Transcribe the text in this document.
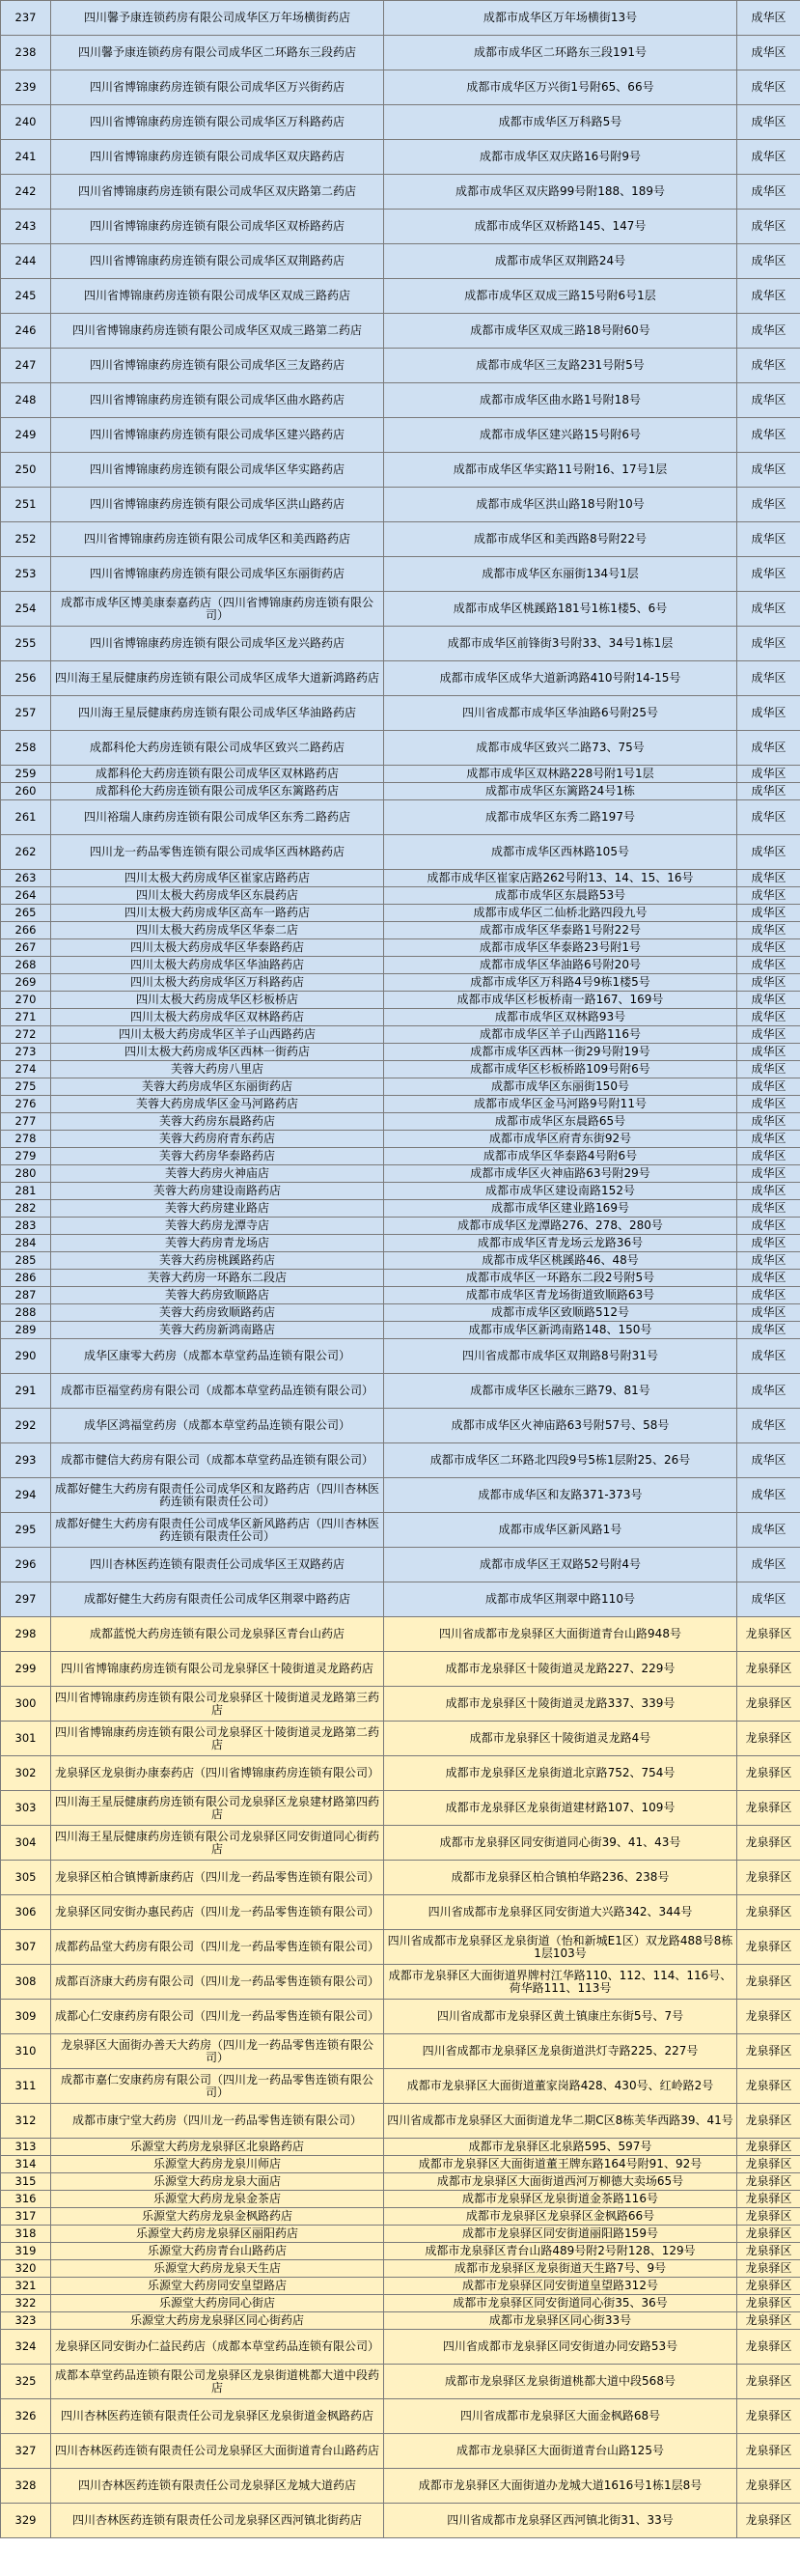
237	四川馨予康连锁药房有限公司成华区万年场横街药店	成都市成华区万年场横街13号	成华区
238	四川馨予康连锁药房有限公司成华区二环路东三段药店	成都市成华区二环路东三段191号	成华区
239	四川省博锦康药房连锁有限公司成华区万兴街药店	成都市成华区万兴街1号附65、66号	成华区
240	四川省博锦康药房连锁有限公司成华区万科路药店	成都市成华区万科路5号	成华区
241	四川省博锦康药房连锁有限公司成华区双庆路药店	成都市成华区双庆路16号附9号	成华区
242	四川省博锦康药房连锁有限公司成华区双庆路第二药店	成都市成华区双庆路99号附188、189号	成华区
243	四川省博锦康药房连锁有限公司成华区双桥路药店	成都市成华区双桥路145、147号	成华区
244	四川省博锦康药房连锁有限公司成华区双荆路药店	成都市成华区双荆路24号	成华区
245	四川省博锦康药房连锁有限公司成华区双成三路药店	成都市成华区双成三路15号附6号1层	成华区
246	四川省博锦康药房连锁有限公司成华区双成三路第二药店	成都市成华区双成三路18号附60号	成华区
247	四川省博锦康药房连锁有限公司成华区三友路药店	成都市成华区三友路231号附5号	成华区
248	四川省博锦康药房连锁有限公司成华区曲水路药店	成都市成华区曲水路1号附18号	成华区
249	四川省博锦康药房连锁有限公司成华区建兴路药店	成都市成华区建兴路15号附6号	成华区
250	四川省博锦康药房连锁有限公司成华区华实路药店	成都市成华区华实路11号附16、17号1层	成华区
251	四川省博锦康药房连锁有限公司成华区洪山路药店	成都市成华区洪山路18号附10号	成华区
252	四川省博锦康药房连锁有限公司成华区和美西路药店	成都市成华区和美西路8号附22号	成华区
253	四川省博锦康药房连锁有限公司成华区东丽街药店	成都市成华区东丽街134号1层	成华区
254	成都市成华区博美康泰嘉药店（四川省博锦康药房连锁有限公司）	成都市成华区桃蹊路181号1栋1楼5、6号	成华区
255	四川省博锦康药房连锁有限公司成华区龙兴路药店	成都市成华区前锋街3号附33、34号1栋1层	成华区
256	四川海王星辰健康药房连锁有限公司成华区成华大道新鸿路药店	成都市成华区成华大道新鸿路410号附14-15号	成华区
257	四川海王星辰健康药房连锁有限公司成华区华油路药店	四川省成都市成华区华油路6号附25号	成华区
258	成都科伦大药房连锁有限公司成华区致兴二路药店	成都市成华区致兴二路73、75号	成华区
259	成都科伦大药房连锁有限公司成华区双林路药店	成都市成华区双林路228号附1号1层	成华区
260	成都科伦大药房连锁有限公司成华区东篱路药店	成都市成华区东篱路24号1栋	成华区
261	四川裕瑞人康药房连锁有限公司成华区东秀二路药店	成都市成华区东秀二路197号	成华区
262	四川龙一药品零售连锁有限公司成华区西林路药店	成都市成华区西林路105号	成华区
263	四川太极大药房成华区崔家店路药店	成都市成华区崔家店路262号附13、14、15、16号	成华区
264	四川太极大药房成华区东晨药店	成都市成华区东晨路53号	成华区
265	四川太极大药房成华区高车一路药店	成都市成华区二仙桥北路四段九号	成华区
266	四川太极大药房成华区华泰二店	成都市成华区华泰路1号附22号	成华区
267	四川太极大药房成华区华泰路药店	成都市成华区华泰路23号附1号	成华区
268	四川太极大药房成华区华油路药店	成都市成华区华油路6号附20号	成华区
269	四川太极大药房成华区万科路药店	成都市成华区万科路4号9栋1楼5号	成华区
270	四川太极大药房成华区杉板桥店	成都市成华区杉板桥南一路167、169号	成华区
271	四川太极大药房成华区双林路药店	成都市成华区双林路93号	成华区
272	四川太极大药房成华区羊子山西路药店	成都市成华区羊子山西路116号	成华区
273	四川太极大药房成华区西林一街药店	成都市成华区西林一街29号附19号	成华区
274	芙蓉大药房八里店	成都市成华区杉板桥路109号附6号	成华区
275	芙蓉大药房成华区东丽街药店	成都市成华区东丽街150号	成华区
276	芙蓉大药房成华区金马河路药店	成都市成华区金马河路9号附11号	成华区
277	芙蓉大药房东晨路药店	成都市成华区东晨路65号	成华区
278	芙蓉大药房府青东药店	成都市成华区府青东街92号	成华区
279	芙蓉大药房华泰路药店	成都市成华区华泰路4号附6号	成华区
280	芙蓉大药房火神庙店	成都市成华区火神庙路63号附29号	成华区
281	芙蓉大药房建设南路药店	成都市成华区建设南路152号	成华区
282	芙蓉大药房建业路店	成都市成华区建业路169号	成华区
283	芙蓉大药房龙潭寺店	成都市成华区龙潭路276、278、280号	成华区
284	芙蓉大药房青龙场店	成都市成华区青龙场云龙路36号	成华区
285	芙蓉大药房桃蹊路药店	成都市成华区桃蹊路46、48号	成华区
286	芙蓉大药房一环路东二段店	成都市成华区一环路东二段2号附5号	成华区
287	芙蓉大药房致顺路店	成都市成华区青龙场街道致顺路63号	成华区
288	芙蓉大药房致顺路药店	成都市成华区致顺路512号	成华区
289	芙蓉大药房新鸿南路店	成都市成华区新鸿南路148、150号	成华区
290	成华区康零大药房（成都本草堂药品连锁有限公司）	四川省成都市成华区双荆路8号附31号	成华区
291	成都市臣福堂药房有限公司（成都本草堂药品连锁有限公司）	成都市成华区长融东三路79、81号	成华区
292	成华区鸿福堂药房（成都本草堂药品连锁有限公司）	成都市成华区火神庙路63号附57号、58号	成华区
293	成都市健信大药房有限公司（成都本草堂药品连锁有限公司）	成都市成华区二环路北四段9号5栋1层附25、26号	成华区
294	成都好健生大药房有限责任公司成华区和友路药店（四川杏林医药连锁有限责任公司）	成都市成华区和友路371-373号	成华区
295	成都好健生大药房有限责任公司成华区新风路药店（四川杏林医药连锁有限责任公司）	成都市成华区新风路1号	成华区
296	四川杏林医药连锁有限责任公司成华区王双路药店	成都市成华区王双路52号附4号	成华区
297	成都好健生大药房有限责任公司成华区荆翠中路药店	成都市成华区荆翠中路110号	成华区
298	成都蓝悦大药房连锁有限公司龙泉驿区青台山药店	四川省成都市龙泉驿区大面街道青台山路948号	龙泉驿区
299	四川省博锦康药房连锁有限公司龙泉驿区十陵街道灵龙路药店	成都市龙泉驿区十陵街道灵龙路227、229号	龙泉驿区
300	四川省博锦康药房连锁有限公司龙泉驿区十陵街道灵龙路第三药店	成都市龙泉驿区十陵街道灵龙路337、339号	龙泉驿区
301	四川省博锦康药房连锁有限公司龙泉驿区十陵街道灵龙路第二药店	成都市龙泉驿区十陵街道灵龙路4号	龙泉驿区
302	龙泉驿区龙泉街办康泰药店（四川省博锦康药房连锁有限公司）	成都市龙泉驿区龙泉街道北京路752、754号	龙泉驿区
303	四川海王星辰健康药房连锁有限公司龙泉驿区龙泉建材路第四药店	成都市龙泉驿区龙泉街道建材路107、109号	龙泉驿区
304	四川海王星辰健康药房连锁有限公司龙泉驿区同安街道同心街药店	成都市龙泉驿区同安街道同心街39、41、43号	龙泉驿区
305	龙泉驿区柏合镇博新康药店（四川龙一药品零售连锁有限公司）	成都市龙泉驿区柏合镇柏华路236、238号	龙泉驿区
306	龙泉驿区同安街办惠民药店（四川龙一药品零售连锁有限公司）	四川省成都市龙泉驿区同安街道大兴路342、344号	龙泉驿区
307	成都药品堂大药房有限公司（四川龙一药品零售连锁有限公司）	四川省成都市龙泉驿区龙泉街道（怡和新城E1区）双龙路488号8栋1层103号	龙泉驿区
308	成都百济康大药房有限公司（四川龙一药品零售连锁有限公司）	成都市龙泉驿区大面街道界牌村江华路110、112、114、116号、荷华路111、113号	龙泉驿区
309	成都心仁安康药房有限公司（四川龙一药品零售连锁有限公司）	四川省成都市龙泉驿区黄土镇康庄东街5号、7号	龙泉驿区
310	龙泉驿区大面街办善天大药房（四川龙一药品零售连锁有限公司）	四川省成都市龙泉驿区龙泉街道洪灯寺路225、227号	龙泉驿区
311	成都市嘉仁安康药房有限公司（四川龙一药品零售连锁有限公司）	成都市龙泉驿区大面街道董家岗路428、430号、红岭路2号	龙泉驿区
312	成都市康宁堂大药房（四川龙一药品零售连锁有限公司）	四川省成都市龙泉驿区大面街道龙华二期C区8栋芙华西路39、41号	龙泉驿区
313	乐源堂大药房龙泉驿区北泉路药店	成都市龙泉驿区北泉路595、597号	龙泉驿区
314	乐源堂大药房龙泉川师店	成都市龙泉驿区大面街道董王牌东路164号附91、92号	龙泉驿区
315	乐源堂大药房龙泉大面店	成都市龙泉驿区大面街道西河万柳德大卖场65号	龙泉驿区
316	乐源堂大药房龙泉金茶店	成都市龙泉驿区龙泉街道金茶路116号	龙泉驿区
317	乐源堂大药房龙泉金枫路药店	成都市龙泉驿区龙泉驿区金枫路66号	龙泉驿区
318	乐源堂大药房龙泉驿区丽阳药店	成都市龙泉驿区同安街道丽阳路159号	龙泉驿区
319	乐源堂大药房青台山路药店	成都市龙泉驿区青台山路489号附2号附128、129号	龙泉驿区
320	乐源堂大药房龙泉天生店	成都市龙泉驿区龙泉街道天生路7号、9号	龙泉驿区
321	乐源堂大药房同安皇望路店	成都市龙泉驿区同安街道皇望路312号	龙泉驿区
322	乐源堂大药房同心街店	成都市龙泉驿区同安街道同心街35、36号	龙泉驿区
323	乐源堂大药房龙泉驿区同心街药店	成都市龙泉驿区同心街33号	龙泉驿区
324	龙泉驿区同安街办仁益民药店（成都本草堂药品连锁有限公司）	四川省成都市龙泉驿区同安街道办同安路53号	龙泉驿区
325	成都本草堂药品连锁有限公司龙泉驿区龙泉街道桃都大道中段药店	成都市龙泉驿区龙泉街道桃都大道中段568号	龙泉驿区
326	四川杏林医药连锁有限责任公司龙泉驿区龙泉街道金枫路药店	四川省成都市龙泉驿区大面金枫路68号	龙泉驿区
327	四川杏林医药连锁有限责任公司龙泉驿区大面街道青台山路药店	成都市龙泉驿区大面街道青台山路125号	龙泉驿区
328	四川杏林医药连锁有限责任公司龙泉驿区龙城大道药店	成都市龙泉驿区大面街道办龙城大道1616号1栋1层8号	龙泉驿区
329	四川杏林医药连锁有限责任公司龙泉驿区西河镇北街药店	四川省成都市龙泉驿区西河镇北街31、33号	龙泉驿区
